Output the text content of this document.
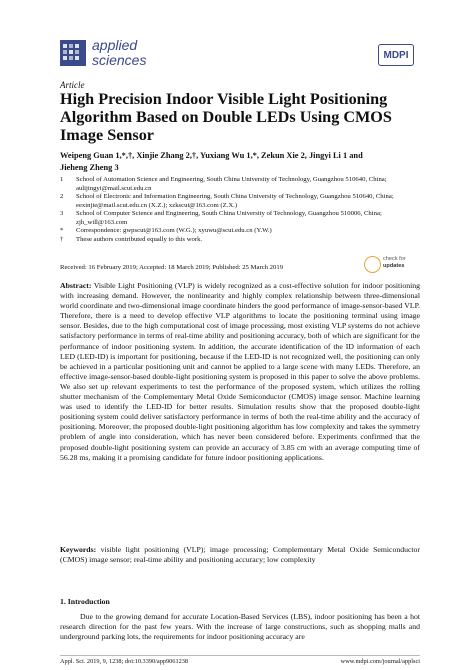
applied
sciences	MDPI
Article
High Precision Indoor Visible Light Positioning Algorithm Based on Double LEDs Using CMOS Image Sensor
Weipeng Guan 1,*,†, Xinjie Zhang 2,†, Yuxiang Wu 1,*, Zekun Xie 2, Jingyi Li 1 and
Jieheng Zheng 3
1	School of Automation Science and Engineering, South China University of Technology, Guangzhou 510640, China; aulijingyi@mail.scut.edu.cn
2	School of Electronic and Information Engineering, South China University of Technology, Guangzhou 510640, China; eexinjie@mail.scut.edu.cn (X.Z.); xzkscut@163.com (Z.X.)
3	School of Computer Science and Engineering, South China University of Technology, Guangzhou 510006, China; zjh_will@163.com
*	Correspondence: gwpscut@163.com (W.G.); xyuwu@scut.edu.cn (Y.W.)
†	These authors contributed equally to this work.
Received: 16 February 2019; Accepted: 18 March 2019; Published: 25 March 2019
check for
updates
Abstract: Visible Light Positioning (VLP) is widely recognized as a cost-effective solution for indoor positioning with increasing demand. However, the nonlinearity and highly complex relationship between three-dimensional world coordinate and two-dimensional image coordinate hinders the good performance of image-sensor-based VLP. Therefore, there is a need to develop effective VLP algorithms to locate the positioning terminal using image sensor. Besides, due to the high computational cost of image processing, most existing VLP systems do not achieve satisfactory performance in terms of real-time ability and positioning accuracy, both of which are significant for the performance of indoor positioning system. In addition, the accurate identification of the ID information of each LED (LED-ID) is important for positioning, because if the LED-ID is not recognized well, the positioning can only be achieved in a particular positioning unit and cannot be applied to a large scene with many LEDs. Therefore, an effective image-sensor-based double-light positioning system is proposed in this paper to solve the above problems. We also set up relevant experiments to test the performance of the proposed system, which utilizes the rolling shutter mechanism of the Complementary Metal Oxide Semiconductor (CMOS) image sensor. Machine learning was used to identify the LED-ID for better results. Simulation results show that the proposed double-light positioning system could deliver satisfactory performance in terms of both the real-time ability and the accuracy of positioning. Moreover, the proposed double-light positioning algorithm has low complexity and takes the symmetry problem of angle into consideration, which has never been considered before. Experiments confirmed that the proposed double-light positioning system can provide an accuracy of 3.85 cm with an average computing time of 56.28 ms, making it a promising candidate for future indoor positioning applications.
Keywords: visible light positioning (VLP); image processing; Complementary Metal Oxide Semiconductor (CMOS) image sensor; real-time ability and positioning accuracy; low complexity
1. Introduction
Due to the growing demand for accurate Location-Based Services (LBS), indoor positioning has been a hot research direction for the past few years. With the increase of large constructions, such as shopping malls and underground parking lots, the requirements for indoor positioning accuracy are
Appl. Sci. 2019, 9, 1238; doi:10.3390/app9061238	www.mdpi.com/journal/applsci
